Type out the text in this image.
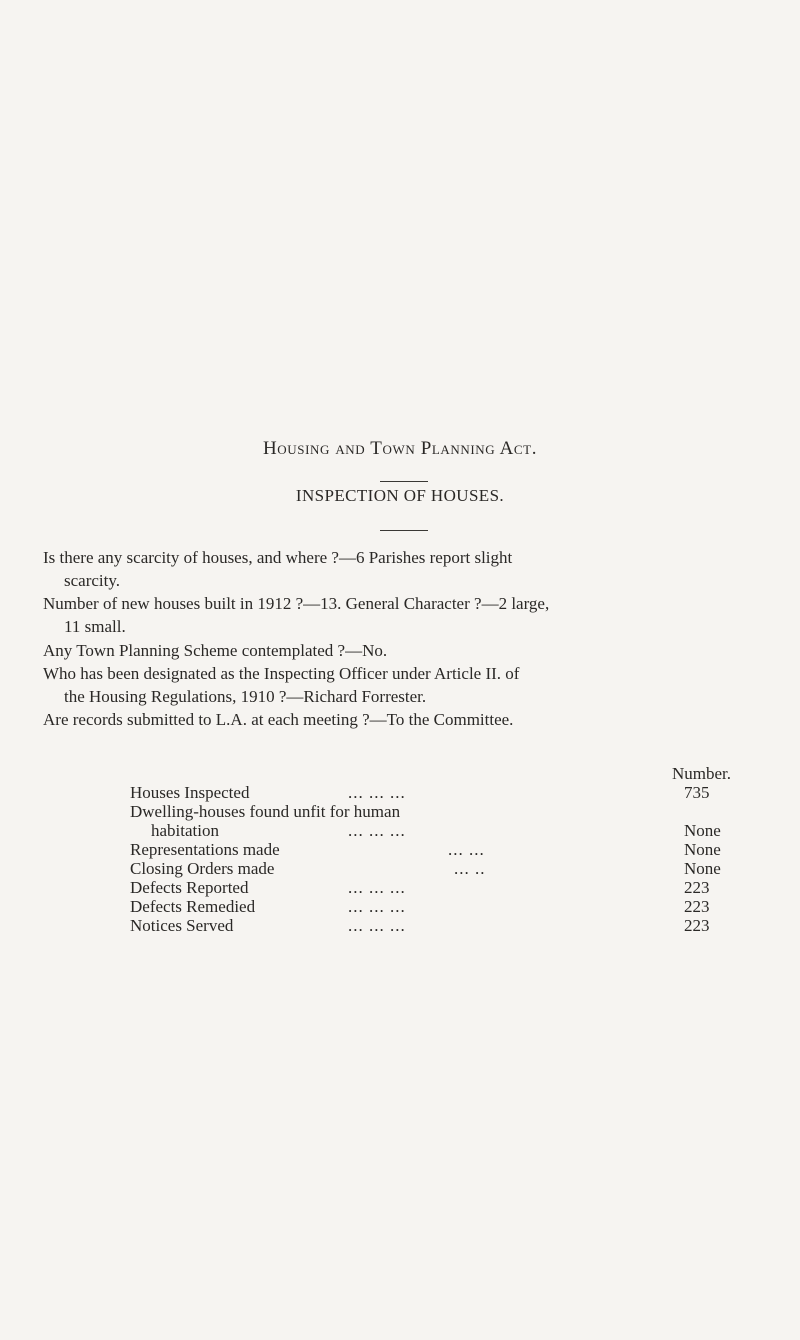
Housing and Town Planning Act.
INSPECTION OF HOUSES.
Is there any scarcity of houses, and where ?—6 Parishes report slight
scarcity.
Number of new houses built in 1912 ?—13. General Character ?—2 large,
11 small.
Any Town Planning Scheme contemplated ?—No.
Who has been designated as the Inspecting Officer under Article II. of
the Housing Regulations, 1910 ?—Richard Forrester.
Are records submitted to L.A. at each meeting ?—To the Committee.
Number.
Houses Inspected	... ... ...	735
Dwelling-houses found unfit for human
habitation	... ... ...	None
Representations made	... ...	None
Closing Orders made	... ..	None
Defects Reported	... ... ...	223
Defects Remedied	... ... ...	223
Notices Served	... ... ...	223
